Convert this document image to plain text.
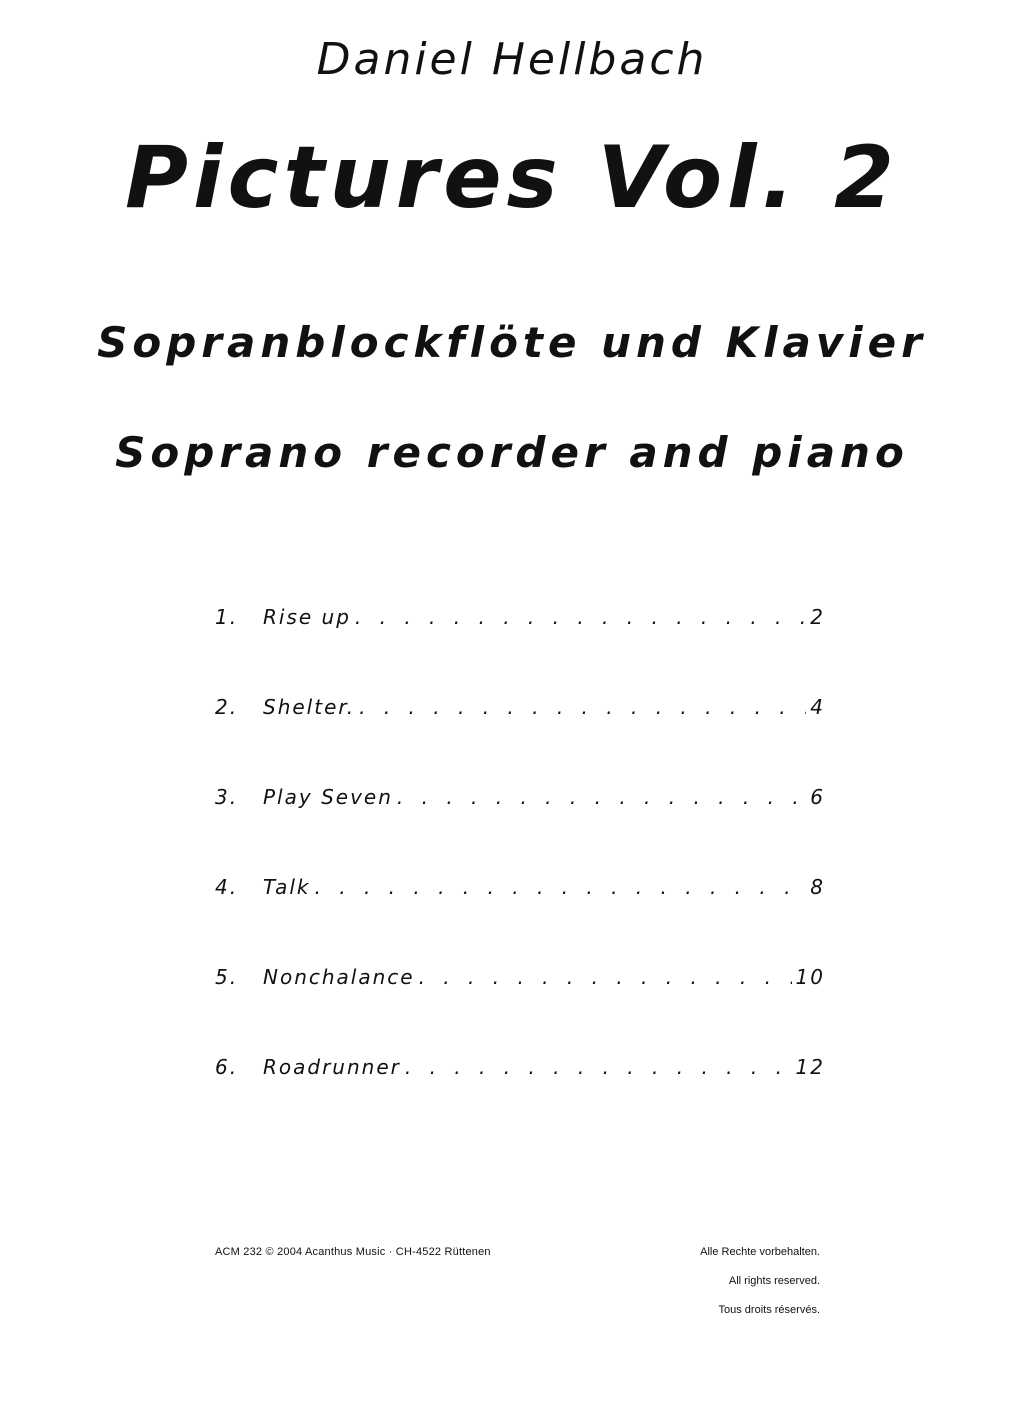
Daniel Hellbach
Pictures Vol. 2
Sopranblockflöte und Klavier
Soprano recorder and piano
1. Rise up . . .	2
2. Shelter. . . .	4
3. Play Seven . . .	6
4. Talk . . .	8
5. Nonchalance . . .	10
6. Roadrunner . . .	12
ACM 232 © 2004 Acanthus Music · CH-4522 Rüttenen	Alle Rechte vorbehalten.
All rights reserved.
Tous droits réservés.
